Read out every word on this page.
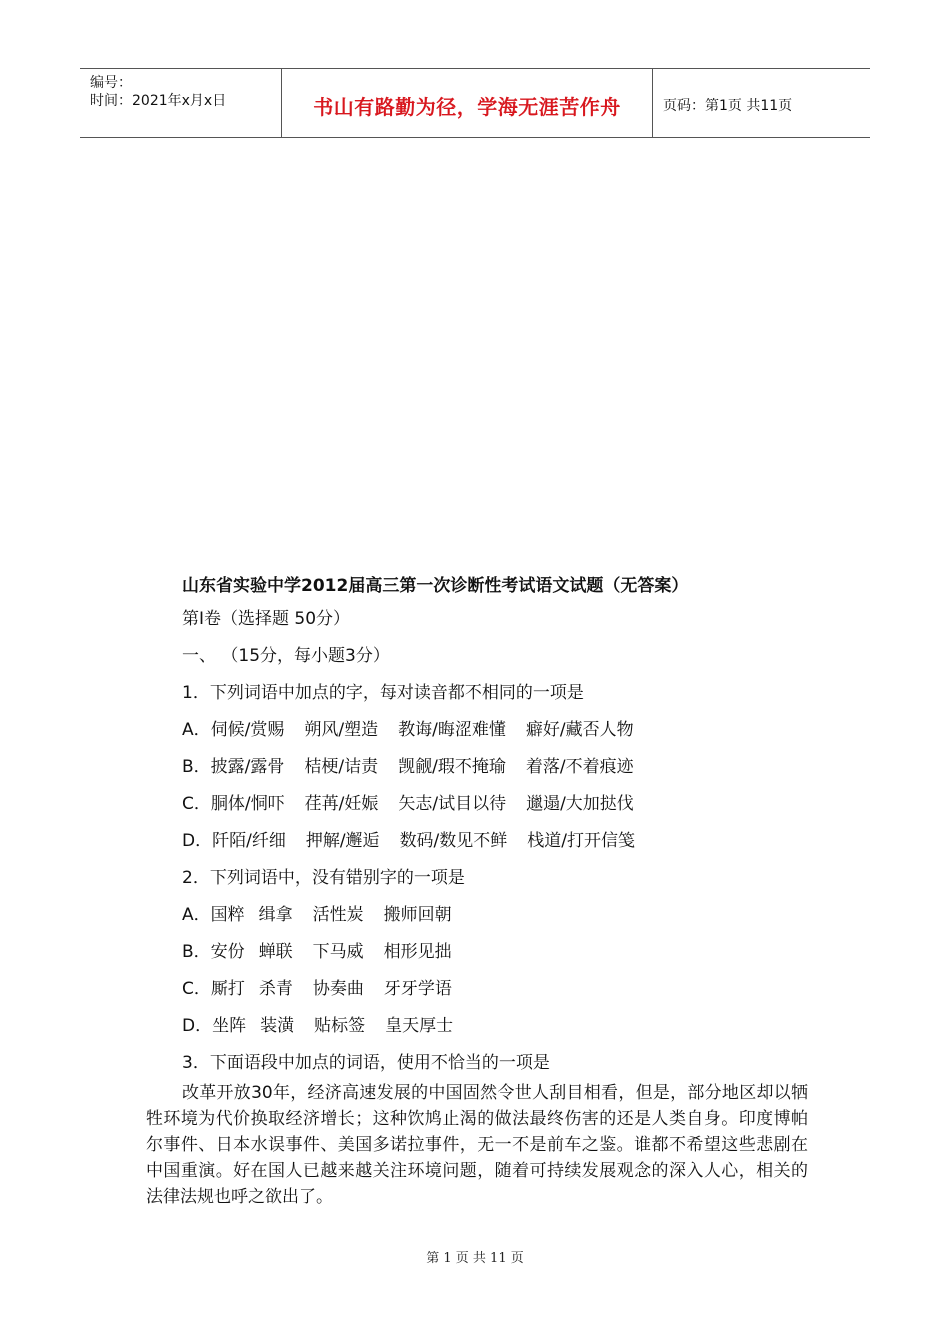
编号：
时间：2021年x月x日	书山有路勤为径，学海无涯苦作舟	页码：第1页 共11页
山东省实验中学2012届高三第一次诊断性考试语文试题（无答案）
第Ⅰ卷（选择题 50分）
一、 （15分，每小题3分）
1．下列词语中加点的字，每对读音都不相同的一项是
A．伺候/赏赐 朔风/塑造 教诲/晦涩难懂 癖好/藏否人物
B．披露/露骨 桔梗/诘责 觊觎/瑕不掩瑜 着落/不着痕迹
C．胴体/恫吓 荏苒/妊娠 矢志/试目以待 邋遢/大加挞伐
D．阡陌/纤细 押解/邂逅 数码/数见不鲜 栈道/打开信笺
2．下列词语中，没有错别字的一项是
A．国粹 缉拿 活性炭 搬师回朝
B．安份 蝉联 下马威 相形见拙
C．厮打 杀青 协奏曲 牙牙学语
D．坐阵 装潢 贴标签 皇天厚士
3．下面语段中加点的词语，使用不恰当的一项是
改革开放30年，经济高速发展的中国固然令世人刮目相看，但是，部分地区却以牺牲环境为代价换取经济增长；这种饮鸠止渴的做法最终伤害的还是人类自身。印度博帕尔事件、日本水误事件、美国多诺拉事件，无一不是前车之鉴。谁都不希望这些悲剧在中国重演。好在国人已越来越关注环境问题，随着可持续发展观念的深入人心，相关的法律法规也呼之欲出了。
第 1 页 共 11 页
